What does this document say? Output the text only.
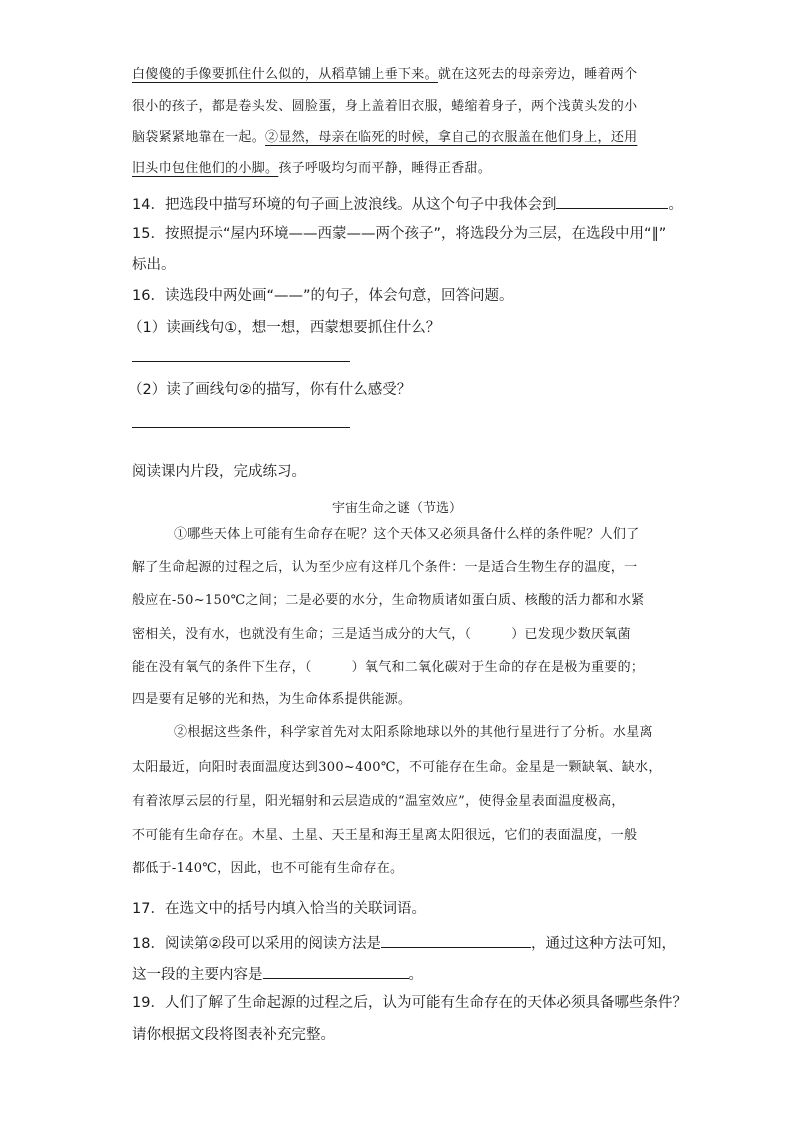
白傻傻的手像要抓住什么似的，从稻草铺上垂下来。就在这死去的母亲旁边，睡着两个
很小的孩子，都是卷头发、圆脸蛋，身上盖着旧衣服，蜷缩着身子，两个浅黄头发的小
脑袋紧紧地靠在一起。②显然，母亲在临死的时候，拿自己的衣服盖在他们身上，还用
旧头巾包住他们的小脚。孩子呼吸均匀而平静，睡得正香甜。
14．把选段中描写环境的句子画上波浪线。从这个句子中我体会到	。
15．按照提示“屋内环境——西蒙——两个孩子”，将选段分为三层，在选段中用“∥”
标出。
16．读选段中两处画“——”的句子，体会句意，回答问题。
（1）读画线句①，想一想，西蒙想要抓住什么？
（2）读了画线句②的描写，你有什么感受？
阅读课内片段，完成练习。
宇宙生命之谜（节选）
①哪些天体上可能有生命存在呢？这个天体又必须具备什么样的条件呢？人们了
解了生命起源的过程之后，认为至少应有这样几个条件：一是适合生物生存的温度，一
般应在-50~150℃之间；二是必要的水分，生命物质诸如蛋白质、核酸的活力都和水紧
密相关，没有水，也就没有生命；三是适当成分的大气，（　　　）已发现少数厌氧菌
能在没有氧气的条件下生存，（　　　）氧气和二氧化碳对于生命的存在是极为重要的；
四是要有足够的光和热，为生命体系提供能源。
②根据这些条件，科学家首先对太阳系除地球以外的其他行星进行了分析。水星离
太阳最近，向阳时表面温度达到300~400℃，不可能存在生命。金星是一颗缺氧、缺水，
有着浓厚云层的行星，阳光辐射和云层造成的“温室效应”，使得金星表面温度极高，
不可能有生命存在。木星、土星、天王星和海王星离太阳很远，它们的表面温度，一般
都低于-140℃，因此，也不可能有生命存在。
17．在选文中的括号内填入恰当的关联词语。
18．阅读第②段可以采用的阅读方法是	，通过这种方法可知，
这一段的主要内容是	。
19．人们了解了生命起源的过程之后，认为可能有生命存在的天体必须具备哪些条件？
请你根据文段将图表补充完整。
